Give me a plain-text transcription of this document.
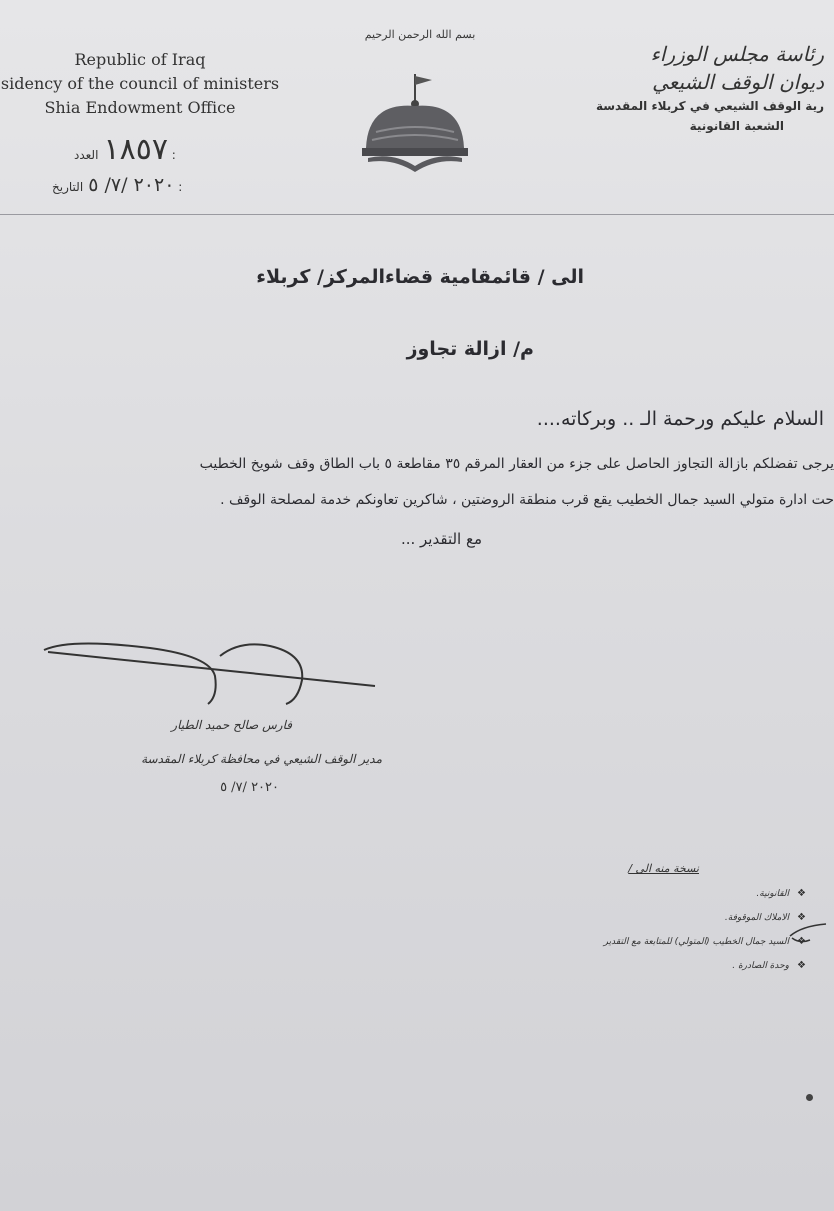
Republic of Iraq
sidency of the council of ministers
Shia Endowment Office
١٨٥٧ العدد :
٢٠٢٠ /٧/ ٥ التاريخ :
بسم الله الرحمن الرحيم
رئاسة مجلس الوزراء
ديوان الوقف الشيعي
رية الوقف الشيعي في كربلاء المقدسة
الشعبة القانونية
الى / قائمقامية قضاءالمركز/ كربلاء
م/ ازالة تجاوز
السلام عليكم ورحمة الـ .. وبركاته....
يرجى تفضلكم بازالة التجاوز الحاصل على جزء من العقار المرقم ٣٥ مقاطعة ٥ باب الطاق وقف شويخ الخطيب
حت ادارة متولي السيد جمال الخطيب يقع قرب منطقة الروضتين ، شاكرين تعاونكم خدمة لمصلحة الوقف .
مع التقدير ...
فارس صالح حميد الطيار
مدير الوقف الشيعي في محافظة كربلاء المقدسة
٢٠٢٠ /٧/ ٥
نسخة منه الى /
❖القانونية.
❖الاملاك الموقوفة.
❖السيد جمال الخطيب (المتولي) للمتابعة مع التقدير
❖وحدة الصادرة .
